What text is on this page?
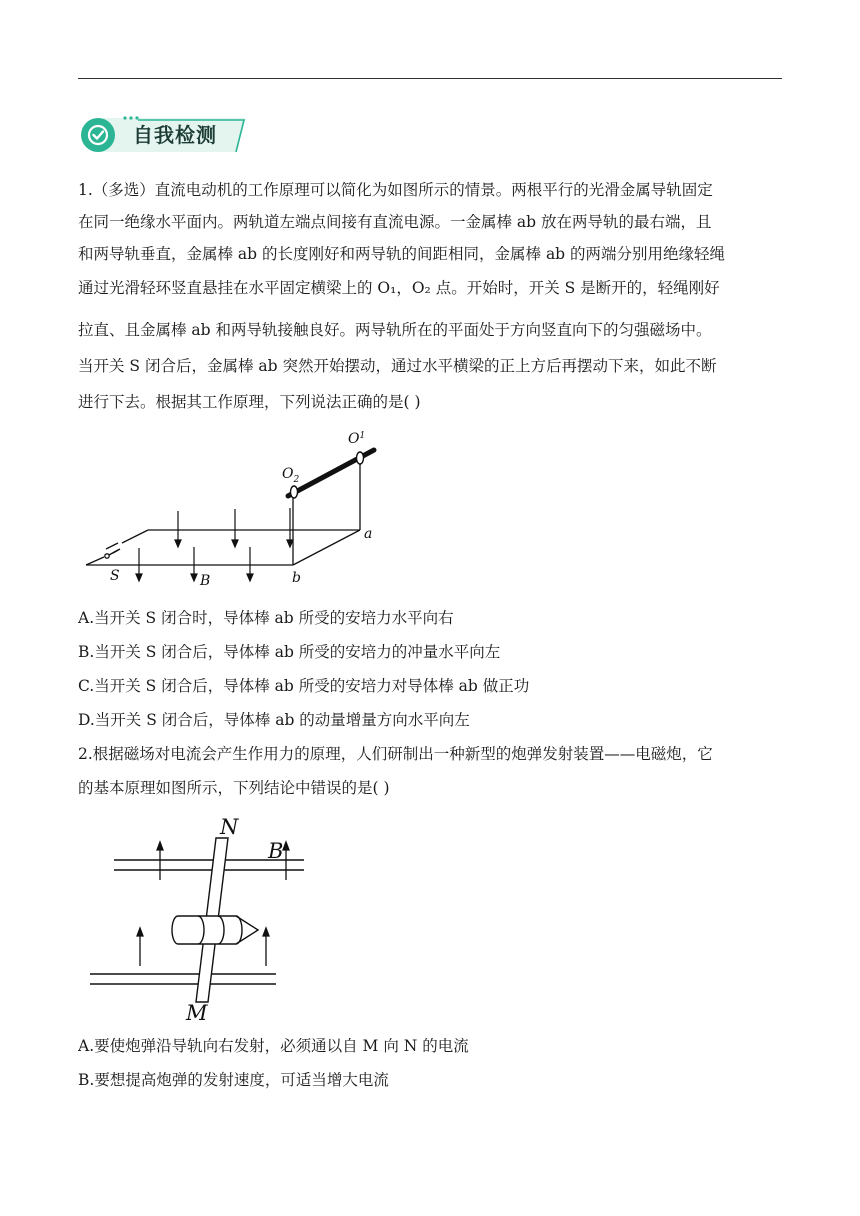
自我检测

1.（多选）直流电动机的工作原理可以简化为如图所示的情景。两根平行的光滑金属导轨固定

在同一绝缘水平面内。两轨道左端点间接有直流电源。一金属棒 ab 放在两导轨的最右端，且

和两导轨垂直，金属棒 ab 的长度刚好和两导轨的间距相同，金属棒 ab 的两端分别用绝缘轻绳

通过光滑轻环竖直悬挂在水平固定横梁上的 O₁，O₂ 点。开始时，开关 S 是断开的，轻绳刚好

拉直、且金属棒 ab 和两导轨接触良好。两导轨所在的平面处于方向竖直向下的匀强磁场中。

当开关 S 闭合后，金属棒 ab 突然开始摆动，通过水平横梁的正上方后再摆动下来，如此不断

进行下去。根据其工作原理，下列说法正确的是( )

$O^1$
$O_2$
a
b
S	B

A.当开关 S 闭合时，导体棒 ab 所受的安培力水平向右

B.当开关 S 闭合后，导体棒 ab 所受的安培力的冲量水平向左

C.当开关 S 闭合后，导体棒 ab 所受的安培力对导体棒 ab 做正功

D.当开关 S 闭合后，导体棒 ab 的动量增量方向水平向左

2.根据磁场对电流会产生作用力的原理，人们研制出一种新型的炮弹发射装置——电磁炮，它

的基本原理如图所示，下列结论中错误的是( )

N
B
M

A.要使炮弹沿导轨向右发射，必须通以自 M 向 N 的电流

B.要想提高炮弹的发射速度，可适当增大电流
